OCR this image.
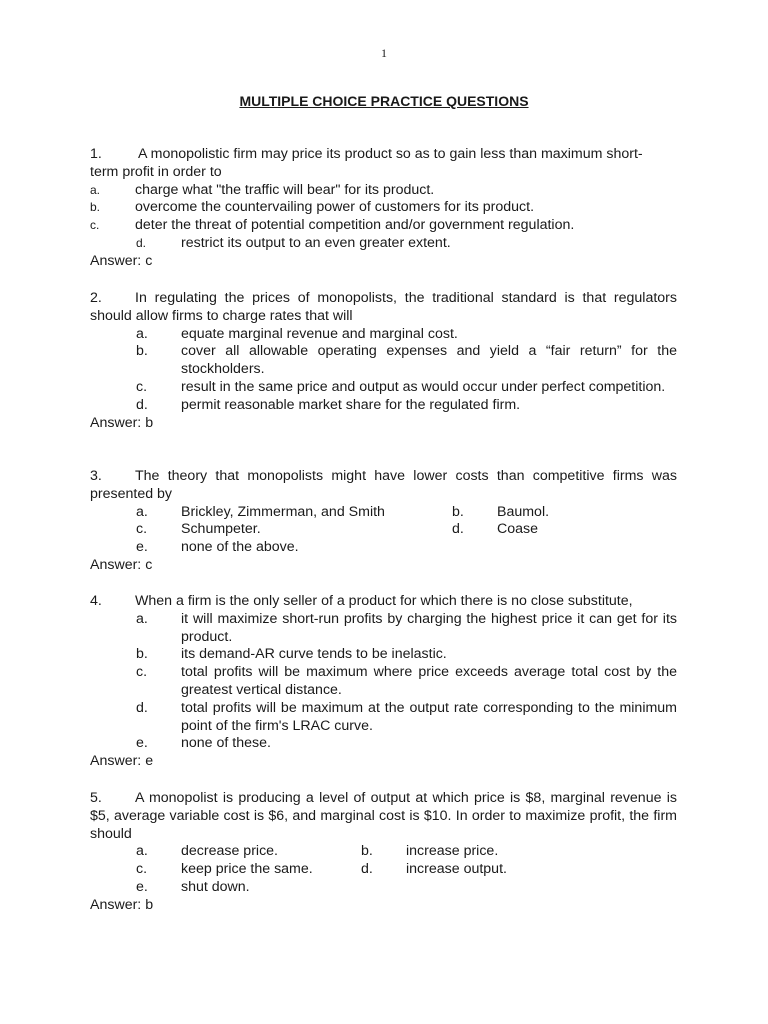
1
MULTIPLE CHOICE PRACTICE QUESTIONS
1.	A monopolistic firm may price its product so as to gain less than maximum short-
term profit in order to
a. charge what "the traffic will bear" for its product.
b. overcome the countervailing power of customers for its product.
c.	deter the threat of potential competition and/or government regulation.
d. restrict its output to an even greater extent.
Answer: c
2. In regulating the prices of monopolists, the traditional standard is that regulators should allow firms to charge rates that will
a. equate marginal revenue and marginal cost.
b. cover all allowable operating expenses and yield a “fair return” for the stockholders.
c. result in the same price and output as would occur under perfect competition.
d. permit reasonable market share for the regulated firm.
Answer: b
3. The theory that monopolists might have lower costs than competitive firms was presented by
a. Brickley, Zimmerman, and Smith	b. Baumol.
c. Schumpeter.	d. Coase
e. none of the above.
Answer: c
4. When a firm is the only seller of a product for which there is no close substitute,
a. it will maximize short-run profits by charging the highest price it can get for its product.
b. its demand-AR curve tends to be inelastic.
c. total profits will be maximum where price exceeds average total cost by the greatest vertical distance.
d. total profits will be maximum at the output rate corresponding to the minimum point of the firm's LRAC curve.
e. none of these.
Answer: e
5. A monopolist is producing a level of output at which price is $8, marginal revenue is $5, average variable cost is $6, and marginal cost is $10. In order to maximize profit, the firm should
a. decrease price.	b. increase price.
c. keep price the same.	d. increase output.
e. shut down.
Answer: b
